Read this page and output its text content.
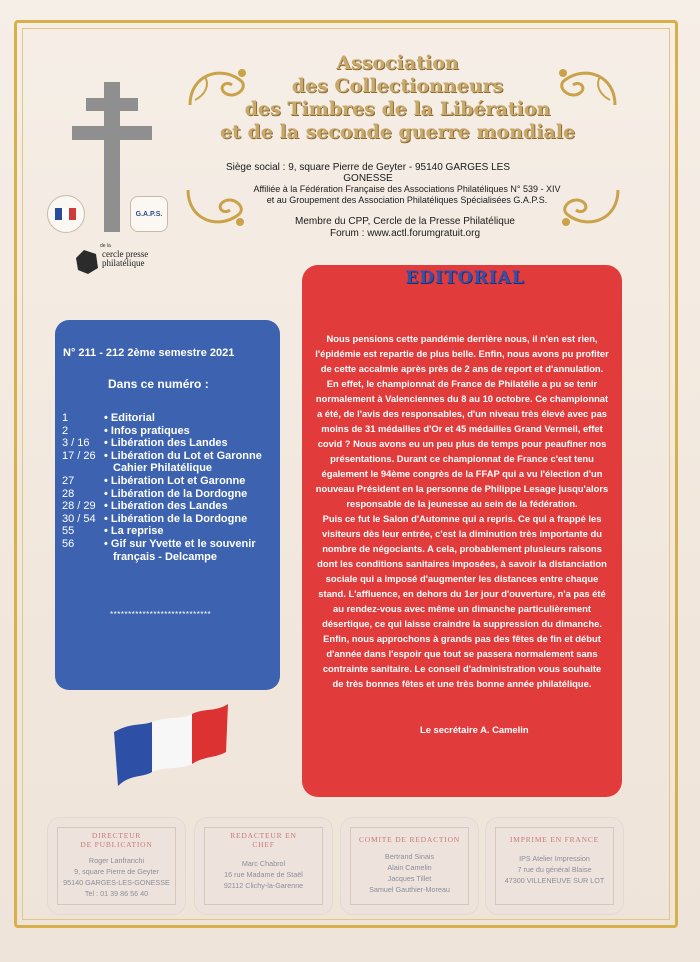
G.A.P.S.
de la
cercle presse
philatélique
Association
des Collectionneurs
des Timbres de la Libération
et de la seconde guerre mondiale
Siège social : 9, square Pierre de Geyter - 95140 GARGES LES GONESSE
Affiliée à la Fédération Française des Associations Philatéliques N° 539 - XIV
et au Groupement des Association Philatéliques Spécialisées G.A.P.S.
Membre du CPP, Cercle de la Presse Philatélique
Forum : www.actl.forumgratuit.org
N° 211 - 212 2ème semestre 2021
Dans ce numéro :
1	• Editorial
2	• Infos pratiques
3 / 16	• Libération des Landes
17 / 26 • Libération du Lot et Garonne
Cahier Philatélique
27	• Libération Lot et Garonne
28	• Libération de la Dordogne
28 / 29 • Libération des Landes
30 / 54 • Libération de la Dordogne
55	• La reprise
56	• Gif sur Yvette et le souvenir
français - Delcampe
****************************
EDITORIAL
Nous pensions cette pandémie derrière nous, il n'en est rien,
l'épidémie est repartie de plus belle. Enfin, nous avons pu profiter
de cette accalmie après près de 2 ans de report et d'annulation.
En effet, le championnat de France de Philatélie a pu se tenir
normalement à Valenciennes du 8 au 10 octobre. Ce championnat
a été, de l'avis des responsables, d'un niveau très élevé avec pas
moins de 31 médailles d'Or et 45 médailles Grand Vermeil, effet
covid ? Nous avons eu un peu plus de temps pour peaufiner nos
présentations. Durant ce championnat de France c'est tenu
également le 94ème congrès de la FFAP qui a vu l'élection d'un
nouveau Président en la personne de Philippe Lesage jusqu'alors
responsable de la jeunesse au sein de la fédération.
Puis ce fut le Salon d'Automne qui a repris. Ce qui a frappé les
visiteurs dès leur entrée, c'est la diminution très importante du
nombre de négociants. A cela, probablement plusieurs raisons
dont les conditions sanitaires imposées, à savoir la distanciation
sociale qui a imposé d'augmenter les distances entre chaque
stand. L'affluence, en dehors du 1er jour d'ouverture, n'a pas été
au rendez-vous avec même un dimanche particulièrement
désertique, ce qui laisse craindre la suppression du dimanche.
Enfin, nous approchons à grands pas des fêtes de fin et début
d'année dans l'espoir que tout se passera normalement sans
contrainte sanitaire. Le conseil d'administration vous souhaite
de très bonnes fêtes et une très bonne année philatélique.
Le secrétaire A. Camelin
DIRECTEUR
DE PUBLICATION
Roger Lanfranchi
9, square Pierre de Geyter
95140 GARGES-LES-GONESSE
Tel : 01 39 86 56 40
REDACTEUR EN
CHEF
Marc Chabrol
16 rue Madame de Staël
92112 Clichy-la-Garenne
COMITE DE REDACTION
Bertrand Sinais
Alain Camelin
Jacques Tillet
Samuel Gauthier-Moreau
IMPRIME EN FRANCE
IPS Atelier Impression
7 rue du général Blaise
47300 VILLENEUVE SUR LOT
